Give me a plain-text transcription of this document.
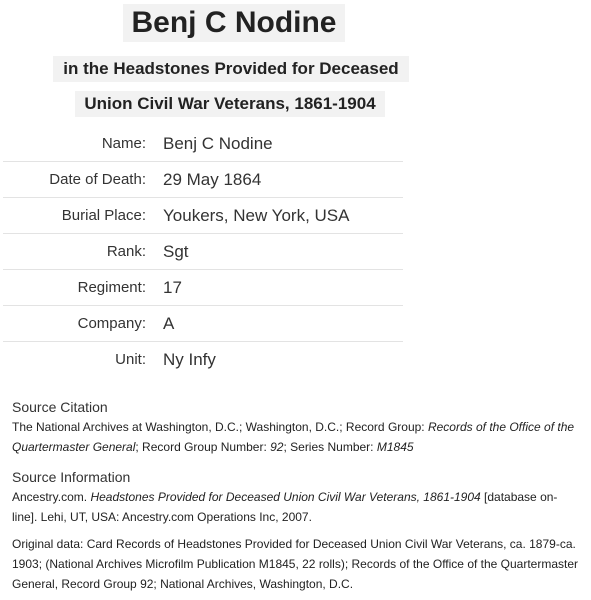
Benj C Nodine
in the Headstones Provided for Deceased
Union Civil War Veterans, 1861-1904
Name: Benj C Nodine
Date of Death: 29 May 1864
Burial Place: Youkers, New York, USA
Rank: Sgt
Regiment: 17
Company: A
Unit: Ny Infy
Source Citation
The National Archives at Washington, D.C.; Washington, D.C.; Record Group: Records of the Office of the Quartermaster General; Record Group Number: 92; Series Number: M1845
Source Information
Ancestry.com. Headstones Provided for Deceased Union Civil War Veterans, 1861-1904 [database on-line]. Lehi, UT, USA: Ancestry.com Operations Inc, 2007.
Original data: Card Records of Headstones Provided for Deceased Union Civil War Veterans, ca. 1879-ca. 1903; (National Archives Microfilm Publication M1845, 22 rolls); Records of the Office of the Quartermaster General, Record Group 92; National Archives, Washington, D.C.
